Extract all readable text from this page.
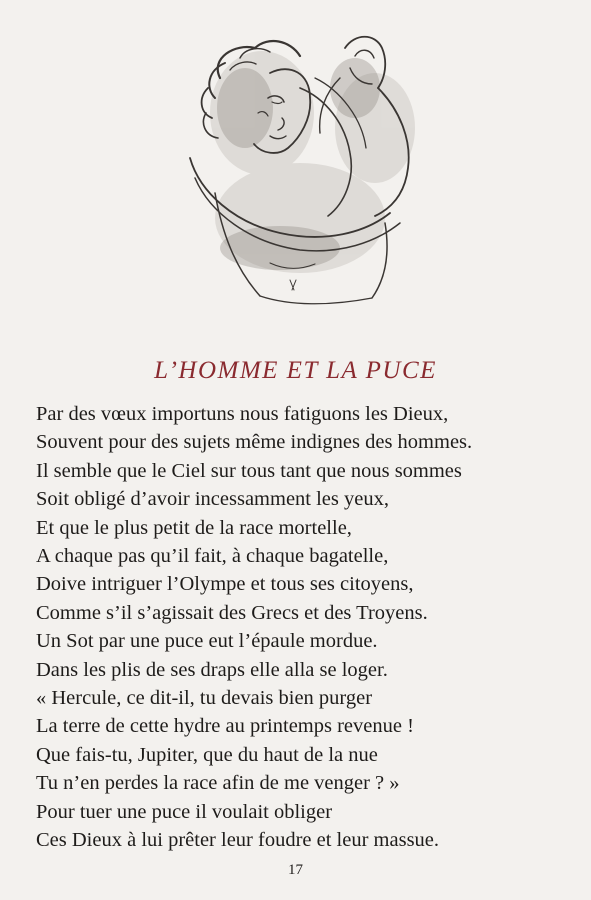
L’HOMME ET LA PUCE
Par des vœux importuns nous fatiguons les Dieux,
Souvent pour des sujets même indignes des hommes.
Il semble que le Ciel sur tous tant que nous sommes
Soit obligé d’avoir incessamment les yeux,
Et que le plus petit de la race mortelle,
A chaque pas qu’il fait, à chaque bagatelle,
Doive intriguer l’Olympe et tous ses citoyens,
Comme s’il s’agissait des Grecs et des Troyens.
Un Sot par une puce eut l’épaule mordue.
Dans les plis de ses draps elle alla se loger.
« Hercule, ce dit-il, tu devais bien purger
La terre de cette hydre au printemps revenue !
Que fais-tu, Jupiter, que du haut de la nue
Tu n’en perdes la race afin de me venger ? »
Pour tuer une puce il voulait obliger
Ces Dieux à lui prêter leur foudre et leur massue.
17
